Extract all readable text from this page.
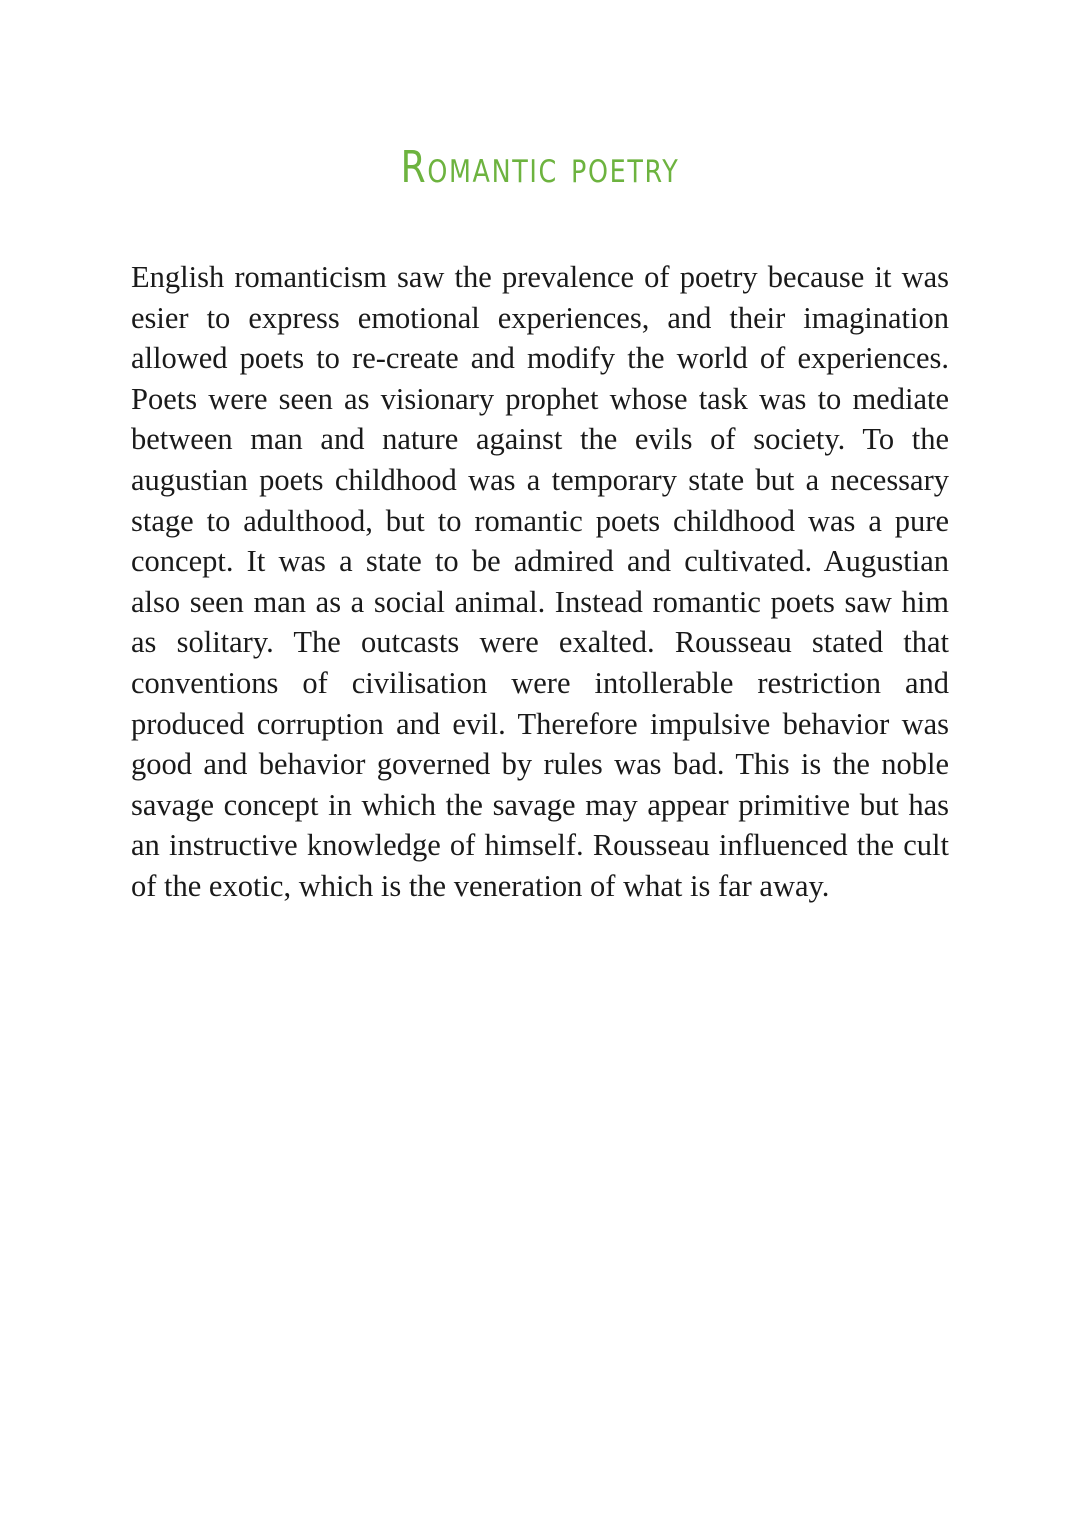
Romantic poetry

English romanticism saw the prevalence of poetry because it was esier to express emotional experiences, and their imagination allowed poets to re-create and modify the world of experiences. Poets were seen as visionary prophet whose task was to mediate between man and nature against the evils of society. To the augustian poets childhood was a temporary state but a necessary stage to adulthood, but to romantic poets childhood was a pure concept. It was a state to be admired and cultivated. Augustian also seen man as a social animal. Instead romantic poets saw him as solitary. The outcasts were exalted. Rousseau stated that conventions of civilisation were intollerable restriction and produced corruption and evil. Therefore impulsive behavior was good and behavior governed by rules was bad. This is the noble savage concept in which the savage may appear primitive but has an instructive knowledge of himself. Rousseau influenced the cult of the exotic, which is the veneration of what is far away.
